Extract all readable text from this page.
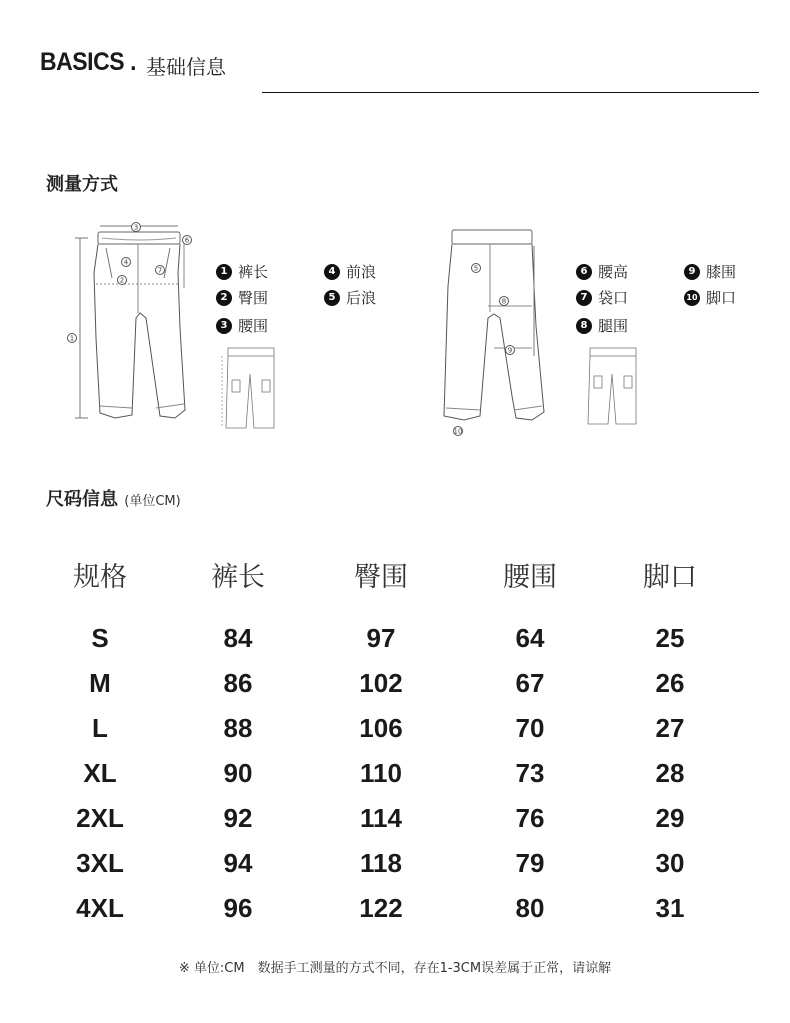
BASICS . 基础信息
测量方式
3
2
4
1
7
6
1 裤长
2 臀围
3 腰围
4 前浪
5 后浪
5
8
9
10
6 腰高
7 袋口
8 腿围
9 膝围
10 脚口
尺码信息 (单位CM)
规格	裤长	臀围	腰围	脚口
S	84	97	64	25
M	86	102	67	26
L	88	106	70	27
XL	90	110	73	28
2XL	92	114	76	29
3XL	94	118	79	30
4XL	96	122	80	31
※ 单位:CM　数据手工测量的方式不同，存在1-3CM误差属于正常，请谅解
